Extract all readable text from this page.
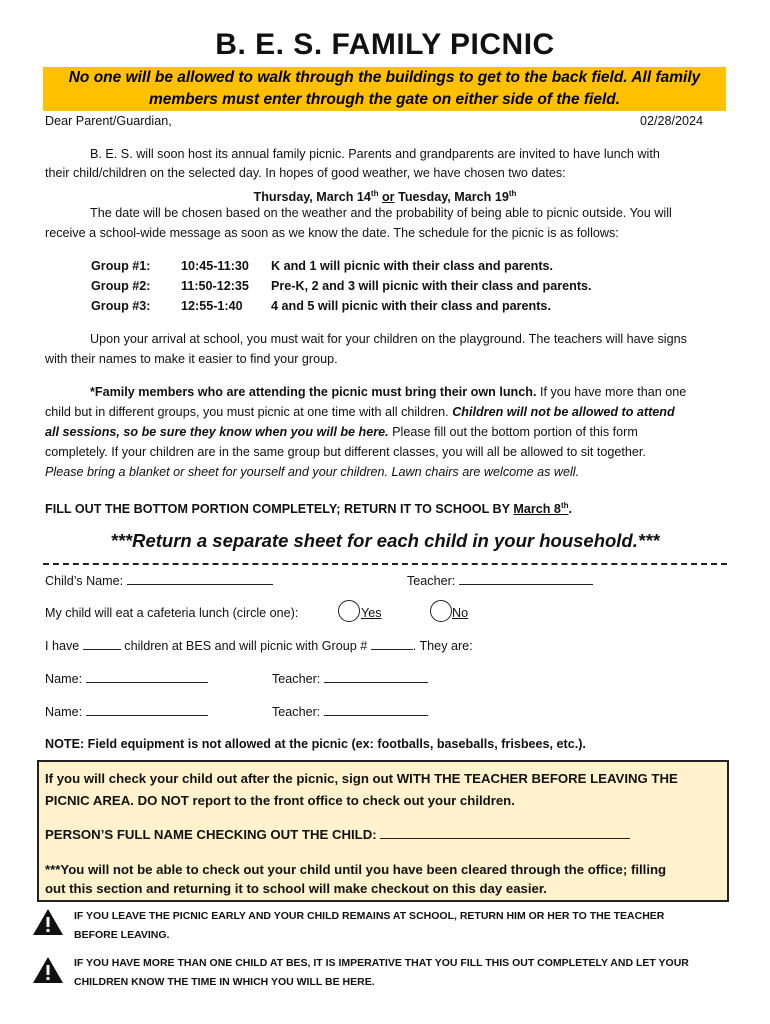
B. E. S. FAMILY PICNIC
No one will be allowed to walk through the buildings to get to the back field. All family members must enter through the gate on either side of the field.
Dear Parent/Guardian,	02/28/2024
B. E. S. will soon host its annual family picnic. Parents and grandparents are invited to have lunch with
their child/children on the selected day. In hopes of good weather, we have chosen two dates:
Thursday, March 14th or Tuesday, March 19th
The date will be chosen based on the weather and the probability of being able to picnic outside. You will
receive a school-wide message as soon as we know the date. The schedule for the picnic is as follows:
Group #1: 10:45-11:30 K and 1 will picnic with their class and parents.
Group #2: 11:50-12:35 Pre-K, 2 and 3 will picnic with their class and parents.
Group #3: 12:55-1:40 4 and 5 will picnic with their class and parents.
Upon your arrival at school, you must wait for your children on the playground. The teachers will have signs
with their names to make it easier to find your group.
*Family members who are attending the picnic must bring their own lunch. If you have more than one
child but in different groups, you must picnic at one time with all children. Children will not be allowed to attend
all sessions, so be sure they know when you will be here. Please fill out the bottom portion of this form
completely. If your children are in the same group but different classes, you will all be allowed to sit together.
Please bring a blanket or sheet for yourself and your children. Lawn chairs are welcome as well.
FILL OUT THE BOTTOM PORTION COMPLETELY; RETURN IT TO SCHOOL BY March 8th.
***Return a separate sheet for each child in your household.***
Child’s Name:	Teacher:
My child will eat a cafeteria lunch (circle one):	Yes	No
I have	children at BES and will picnic with Group #	. They are:
Name:	Teacher:
Name:	Teacher:
NOTE: Field equipment is not allowed at the picnic (ex: footballs, baseballs, frisbees, etc.).
If you will check your child out after the picnic, sign out WITH THE TEACHER BEFORE LEAVING THE
PICNIC AREA. DO NOT report to the front office to check out your children.
PERSON’S FULL NAME CHECKING OUT THE CHILD:
***You will not be able to check out your child until you have been cleared through the office; filling
out this section and returning it to school will make checkout on this day easier.
IF YOU LEAVE THE PICNIC EARLY AND YOUR CHILD REMAINS AT SCHOOL, RETURN HIM OR HER TO THE TEACHER
BEFORE LEAVING.
IF YOU HAVE MORE THAN ONE CHILD AT BES, IT IS IMPERATIVE THAT YOU FILL THIS OUT COMPLETELY AND LET YOUR
CHILDREN KNOW THE TIME IN WHICH YOU WILL BE HERE.
